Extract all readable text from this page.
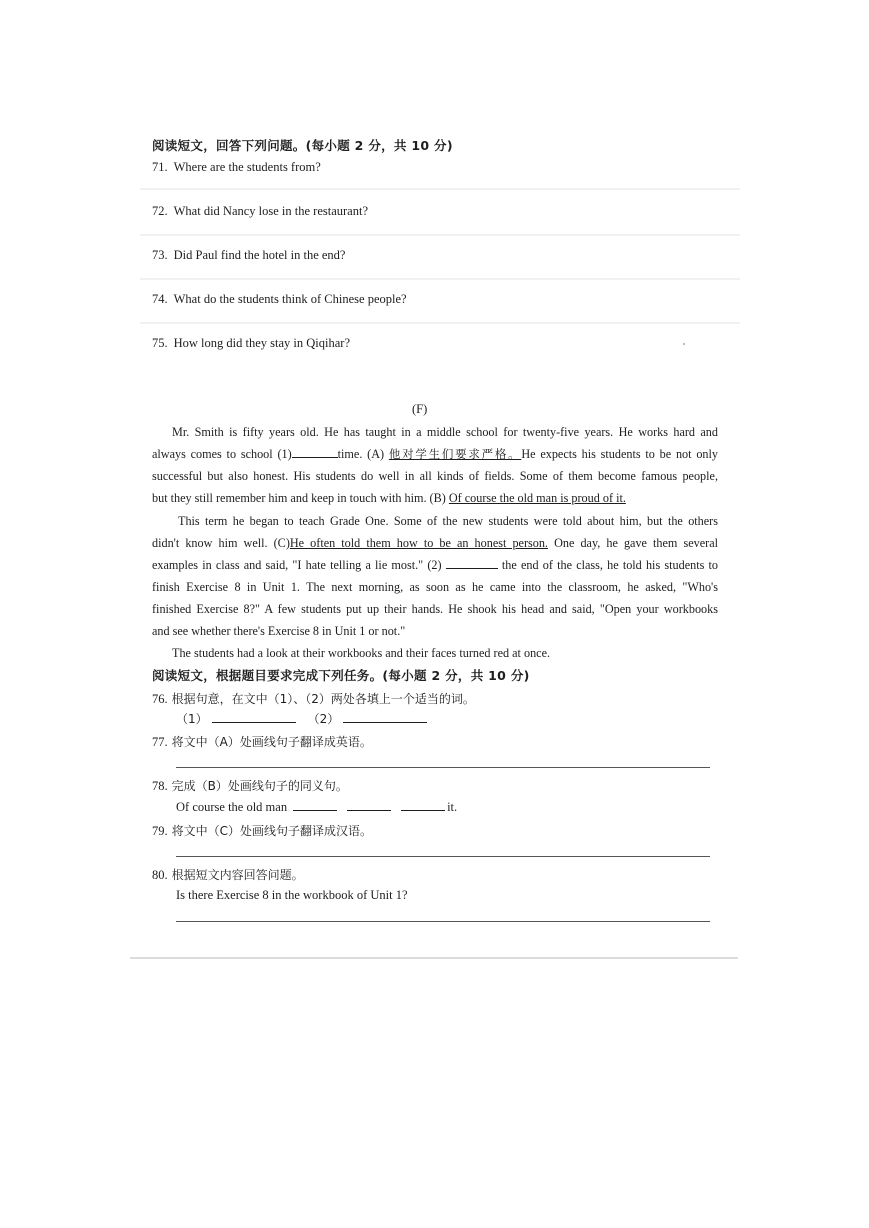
阅读短文，回答下列问题。(每小题 2 分，共 10 分)
71. Where are the students from?
72. What did Nancy lose in the restaurant?
73. Did Paul find the hotel in the end?
74. What do the students think of Chinese people?
75. How long did they stay in Qiqihar?
(F)
Mr. Smith is fifty years old. He has taught in a middle school for twenty-five years. He works hard and
always comes to school (1)	time. (A) 他对学生们要求严格。He expects his students to be not only
successful but also honest. His students do well in all kinds of fields. Some of them become famous people,
but they still remember him and keep in touch with him. (B) Of course the old man is proud of it.
This term he began to teach Grade One. Some of the new students were told about him, but the others
didn't know him well. (C)He often told them how to be an honest person. One day, he gave them several
examples in class and said, "I hate telling a lie most." (2)	the end of the class, he told his students to
finish Exercise 8 in Unit 1. The next morning, as soon as he came into the classroom, he asked, "Who's
finished Exercise 8?" A few students put up their hands. He shook his head and said, "Open your workbooks
and see whether there's Exercise 8 in Unit 1 or not."
The students had a look at their workbooks and their faces turned red at once.
阅读短文，根据题目要求完成下列任务。(每小题 2 分，共 10 分)
76. 根据句意，在文中（1）、（2）两处各填上一个适当的词。
（1）	（2）
77. 将文中（A）处画线句子翻译成英语。
78. 完成（B）处画线句子的同义句。
Of course the old man	it.
79. 将文中（C）处画线句子翻译成汉语。
80. 根据短文内容回答问题。
Is there Exercise 8 in the workbook of Unit 1?
